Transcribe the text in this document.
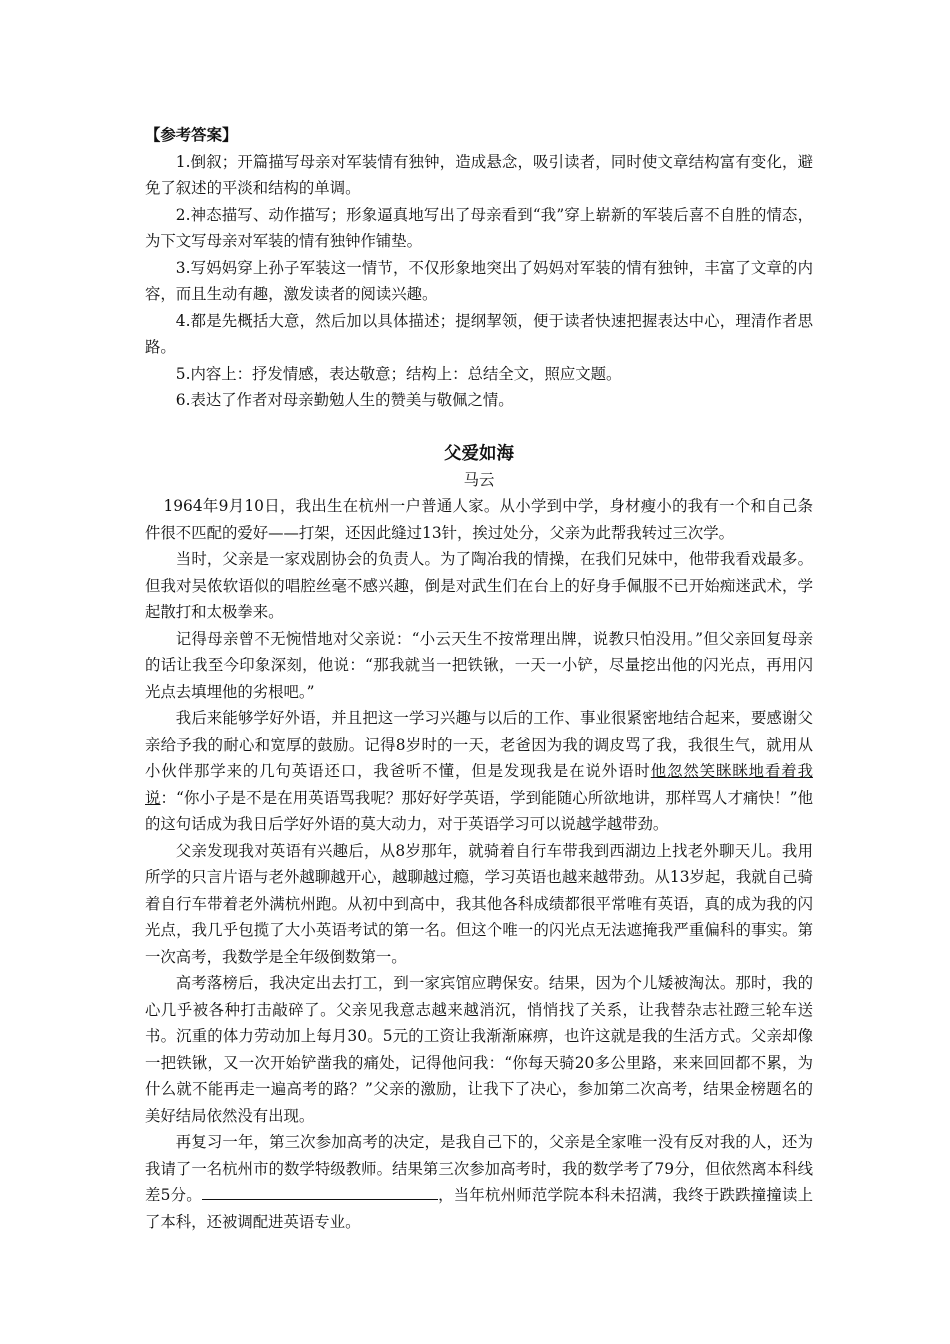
【参考答案】

1.倒叙；开篇描写母亲对军装情有独钟，造成悬念，吸引读者，同时使文章结构富有变化，避免了叙述的平淡和结构的单调。

2.神态描写、动作描写；形象逼真地写出了母亲看到“我”穿上崭新的军装后喜不自胜的情态，为下文写母亲对军装的情有独钟作铺垫。

3.写妈妈穿上孙子军装这一情节，不仅形象地突出了妈妈对军装的情有独钟，丰富了文章的内容，而且生动有趣，激发读者的阅读兴趣。

4.都是先概括大意，然后加以具体描述；提纲挈领，便于读者快速把握表达中心，理清作者思路。

5.内容上：抒发情感，表达敬意；结构上：总结全文，照应文题。

6.表达了作者对母亲勤勉人生的赞美与敬佩之情。

父爱如海

马云

1964年9月10日，我出生在杭州一户普通人家。从小学到中学，身材瘦小的我有一个和自己条件很不匹配的爱好——打架，还因此缝过13针，挨过处分，父亲为此帮我转过三次学。

当时，父亲是一家戏剧协会的负责人。为了陶冶我的情操，在我们兄妹中，他带我看戏最多。但我对吴侬软语似的唱腔丝毫不感兴趣，倒是对武生们在台上的好身手佩服不已开始痴迷武术，学起散打和太极拳来。

记得母亲曾不无惋惜地对父亲说：“小云天生不按常理出牌，说教只怕没用。”但父亲回复母亲的话让我至今印象深刻，他说：“那我就当一把铁锹，一天一小铲，尽量挖出他的闪光点，再用闪光点去填埋他的劣根吧。”

我后来能够学好外语，并且把这一学习兴趣与以后的工作、事业很紧密地结合起来，要感谢父亲给予我的耐心和宽厚的鼓励。记得8岁时的一天，老爸因为我的调皮骂了我，我很生气，就用从小伙伴那学来的几句英语还口，我爸听不懂，但是发现我是在说外语时他忽然笑眯眯地看着我说：“你小子是不是在用英语骂我呢？那好好学英语，学到能随心所欲地讲，那样骂人才痛快！”他的这句话成为我日后学好外语的莫大动力，对于英语学习可以说越学越带劲。

父亲发现我对英语有兴趣后，从8岁那年，就骑着自行车带我到西湖边上找老外聊天儿。我用所学的只言片语与老外越聊越开心，越聊越过瘾，学习英语也越来越带劲。从13岁起，我就自己骑着自行车带着老外满杭州跑。从初中到高中，我其他各科成绩都很平常唯有英语，真的成为我的闪光点，我几乎包揽了大小英语考试的第一名。但这个唯一的闪光点无法遮掩我严重偏科的事实。第一次高考，我数学是全年级倒数第一。

高考落榜后，我决定出去打工，到一家宾馆应聘保安。结果，因为个儿矮被淘汰。那时，我的心几乎被各种打击敲碎了。父亲见我意志越来越消沉，悄悄找了关系，让我替杂志社蹬三轮车送书。沉重的体力劳动加上每月30。5元的工资让我渐渐麻痹，也许这就是我的生活方式。父亲却像一把铁锹，又一次开始铲凿我的痛处，记得他问我：“你每天骑20多公里路，来来回回都不累，为什么就不能再走一遍高考的路？”父亲的激励，让我下了决心，参加第二次高考，结果金榜题名的美好结局依然没有出现。

再复习一年，第三次参加高考的决定，是我自己下的，父亲是全家唯一没有反对我的人，还为我请了一名杭州市的数学特级教师。结果第三次参加高考时，我的数学考了79分，但依然离本科线差5分。	，当年杭州师范学院本科未招满，我终于跌跌撞撞读上了本科，还被调配进英语专业。
